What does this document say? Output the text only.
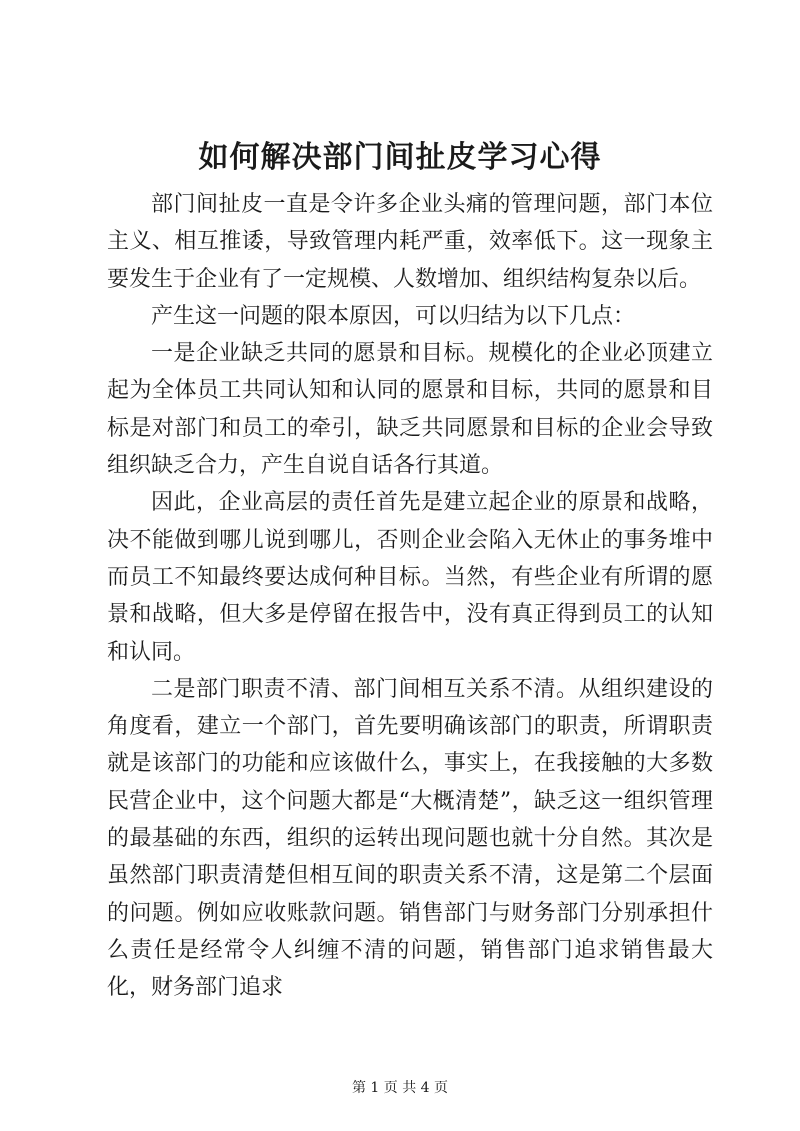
如何解决部门间扯皮学习心得

部门间扯皮一直是令许多企业头痛的管理问题，部门本位主义、相互推诿，导致管理内耗严重，效率低下。这一现象主要发生于企业有了一定规模、人数增加、组织结构复杂以后。

产生这一问题的限本原因，可以归结为以下几点：

一是企业缺乏共同的愿景和目标。规模化的企业必顶建立起为全体员工共同认知和认同的愿景和目标，共同的愿景和目标是对部门和员工的牵引，缺乏共同愿景和目标的企业会导致组织缺乏合力，产生自说自话各行其道。

因此，企业高层的责任首先是建立起企业的原景和战略，决不能做到哪儿说到哪儿，否则企业会陷入无休止的事务堆中而员工不知最终要达成何种目标。当然，有些企业有所谓的愿景和战略，但大多是停留在报告中，没有真正得到员工的认知和认同。

二是部门职责不清、部门间相互关系不清。从组织建设的角度看，建立一个部门，首先要明确该部门的职责，所谓职责就是该部门的功能和应该做什么，事实上，在我接触的大多数民营企业中，这个问题大都是“大概清楚”，缺乏这一组织管理的最基础的东西，组织的运转出现问题也就十分自然。其次是虽然部门职责清楚但相互间的职责关系不清，这是第二个层面的问题。例如应收账款问题。销售部门与财务部门分别承担什么责任是经常令人纠缠不清的问题，销售部门追求销售最大化，财务部门追求

第 1 页 共 4 页
